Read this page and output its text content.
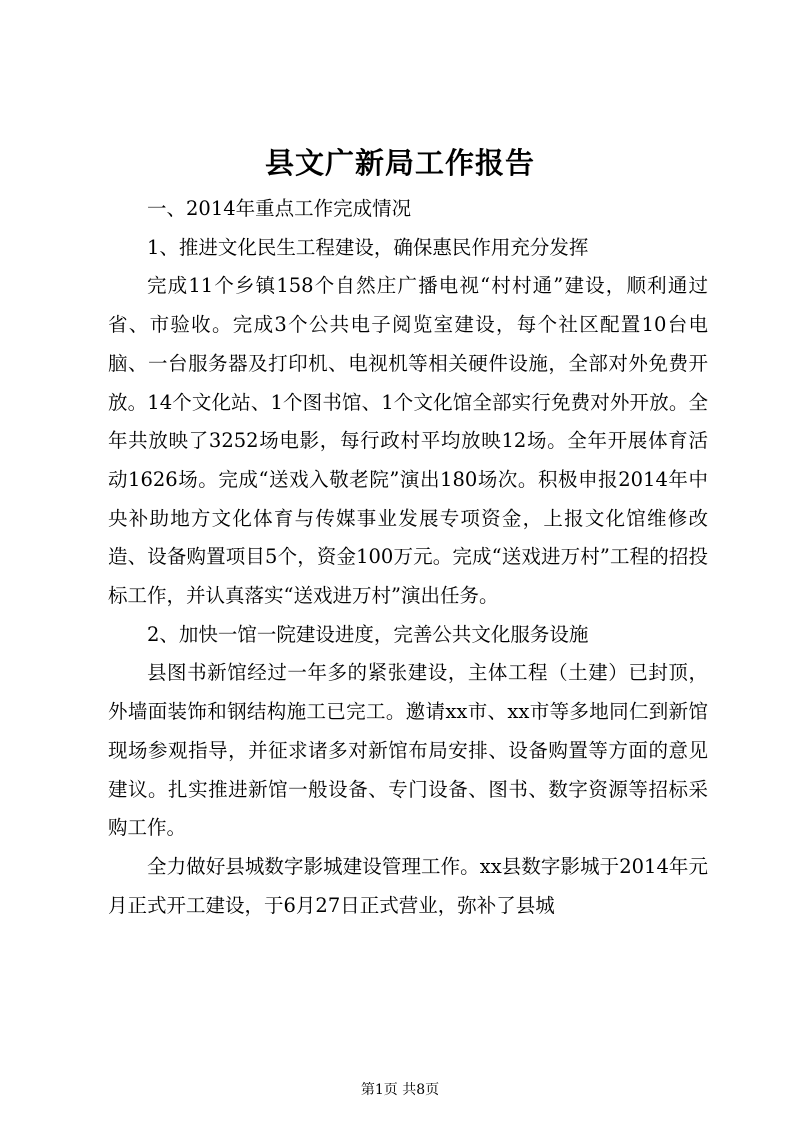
县文广新局工作报告

一、2014年重点工作完成情况

1、推进文化民生工程建设，确保惠民作用充分发挥

完成11个乡镇158个自然庄广播电视“村村通”建设，顺利通过省、市验收。完成3个公共电子阅览室建设，每个社区配置10台电脑、一台服务器及打印机、电视机等相关硬件设施，全部对外免费开放。14个文化站、1个图书馆、1个文化馆全部实行免费对外开放。全年共放映了3252场电影，每行政村平均放映12场。全年开展体育活动1626场。完成“送戏入敬老院”演出180场次。积极申报2014年中央补助地方文化体育与传媒事业发展专项资金，上报文化馆维修改造、设备购置项目5个，资金100万元。完成“送戏进万村”工程的招投标工作，并认真落实“送戏进万村”演出任务。

2、加快一馆一院建设进度，完善公共文化服务设施

县图书新馆经过一年多的紧张建设，主体工程（土建）已封顶，外墙面装饰和钢结构施工已完工。邀请xx市、xx市等多地同仁到新馆现场参观指导，并征求诸多对新馆布局安排、设备购置等方面的意见建议。扎实推进新馆一般设备、专门设备、图书、数字资源等招标采购工作。

全力做好县城数字影城建设管理工作。xx县数字影城于2014年元月正式开工建设，于6月27日正式营业，弥补了县城

第1页 共8页
